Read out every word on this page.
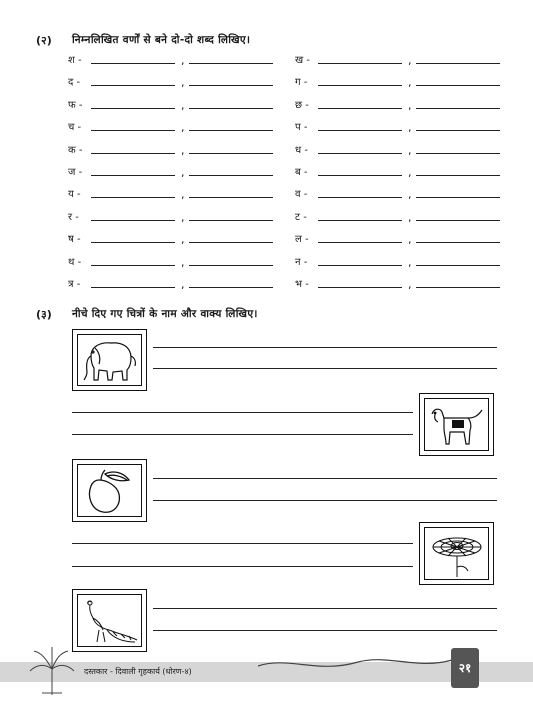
(२) निम्नलिखित वर्णों से बने दो-दो शब्द लिखिए।
श -	,
द -	,
फ -	,
च -	,
क -	,
ज -	,
य -	,
र -	,
ष -	,
थ -	,
त्र -	,
ख -	,
ग -	,
छ -	,
प -	,
ध -	,
ब -	,
व -	,
ट -	,
ल -	,
न -	,
भ -	,
(३) नीचे दिए गए चित्रों के नाम और वाक्य लिखिए।
दस्तकार - दिवाली गृहकार्य (धोरण-४)	२१
